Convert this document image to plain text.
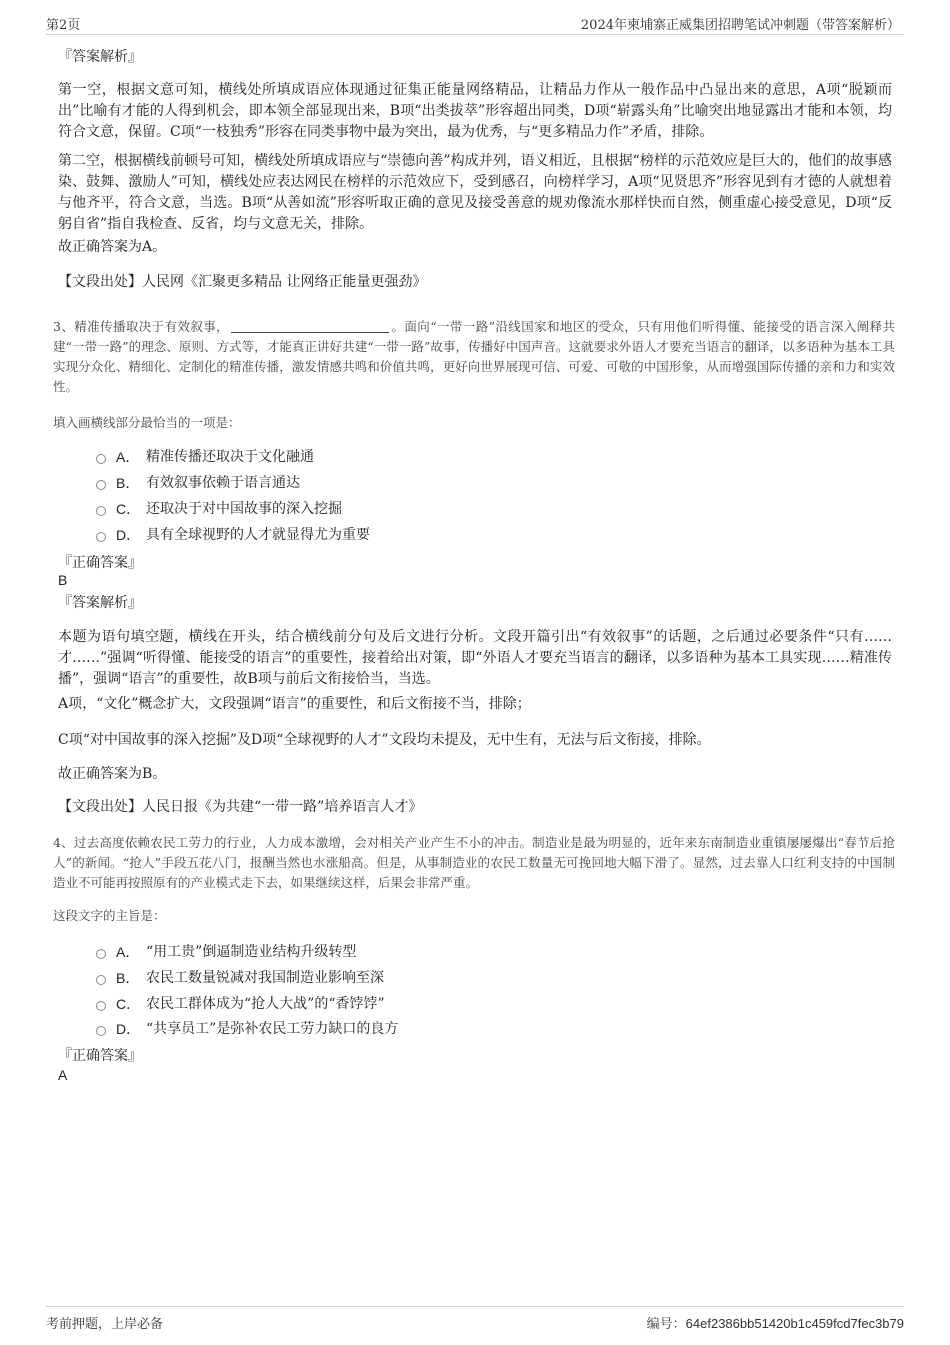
第2页	2024年柬埔寨正威集团招聘笔试冲刺题（带答案解析）
『答案解析』
第一空，根据文意可知，横线处所填成语应体现通过征集正能量网络精品，让精品力作从一般作品中凸显出来的意思，A项“脱颖而出”比喻有才能的人得到机会，即本领全部显现出来，B项“出类拔萃”形容超出同类，D项“崭露头角”比喻突出地显露出才能和本领，均符合文意，保留。C项“一枝独秀”形容在同类事物中最为突出，最为优秀，与“更多精品力作”矛盾，排除。
第二空，根据横线前顿号可知，横线处所填成语应与“崇德向善”构成并列，语义相近，且根据“榜样的示范效应是巨大的，他们的故事感染、鼓舞、激励人”可知，横线处应表达网民在榜样的示范效应下，受到感召，向榜样学习，A项“见贤思齐”形容见到有才德的人就想着与他齐平，符合文意，当选。B项“从善如流”形容听取正确的意见及接受善意的规劝像流水那样快而自然，侧重虚心接受意见，D项“反躬自省”指自我检查、反省，均与文意无关，排除。
故正确答案为A。
【文段出处】人民网《汇聚更多精品 让网络正能量更强劲》
3、精准传播取决于有效叙事，	。面向“一带一路”沿线国家和地区的受众，只有用他们听得懂、能接受的语言深入阐释共建“一带一路”的理念、原则、方式等，才能真正讲好共建“一带一路”故事，传播好中国声音。这就要求外语人才要充当语言的翻译，以多语种为基本工具实现分众化、精细化、定制化的精准传播，激发情感共鸣和价值共鸣，更好向世界展现可信、可爱、可敬的中国形象，从而增强国际传播的亲和力和实效性。
填入画横线部分最恰当的一项是：
A． 精准传播还取决于文化融通
B． 有效叙事依赖于语言通达
C． 还取决于对中国故事的深入挖掘
D． 具有全球视野的人才就显得尤为重要
『正确答案』
B
『答案解析』
本题为语句填空题，横线在开头，结合横线前分句及后文进行分析。文段开篇引出“有效叙事”的话题，之后通过必要条件“只有……才……”强调“听得懂、能接受的语言”的重要性，接着给出对策，即“外语人才要充当语言的翻译，以多语种为基本工具实现……精准传播”，强调“语言”的重要性，故B项与前后文衔接恰当，当选。
A项，“文化”概念扩大，文段强调“语言”的重要性，和后文衔接不当，排除；
C项“对中国故事的深入挖掘”及D项“全球视野的人才”文段均未提及，无中生有，无法与后文衔接，排除。
故正确答案为B。
【文段出处】人民日报《为共建“一带一路”培养语言人才》
4、过去高度依赖农民工劳力的行业，人力成本激增，会对相关产业产生不小的冲击。制造业是最为明显的，近年来东南制造业重镇屡屡爆出“春节后抢人”的新闻。“抢人”手段五花八门，报酬当然也水涨船高。但是，从事制造业的农民工数量无可挽回地大幅下滑了。显然，过去靠人口红利支持的中国制造业不可能再按照原有的产业模式走下去，如果继续这样，后果会非常严重。
这段文字的主旨是：
A． “用工贵”倒逼制造业结构升级转型
B． 农民工数量锐减对我国制造业影响至深
C． 农民工群体成为“抢人大战”的“香饽饽”
D． “共享员工”是弥补农民工劳力缺口的良方
『正确答案』
A
考前押题，上岸必备	编号：64ef2386bb51420b1c459fcd7fec3b79
